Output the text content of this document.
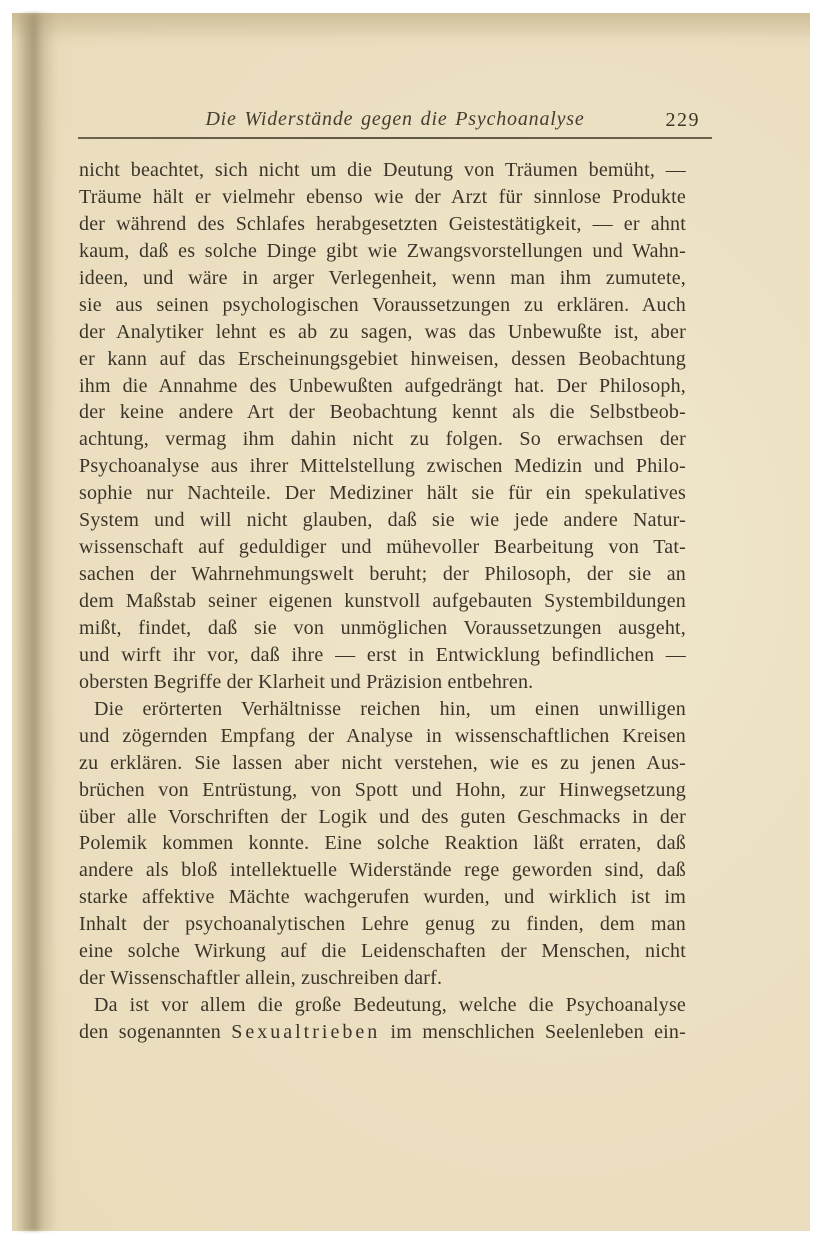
Die Widerstände gegen die Psychoanalyse	229
nicht beachtet, sich nicht um die Deutung von Träumen bemüht, —
Träume hält er vielmehr ebenso wie der Arzt für sinnlose Produkte
der während des Schlafes herabgesetzten Geistestätigkeit, — er ahnt
kaum, daß es solche Dinge gibt wie Zwangsvorstellungen und Wahn-
ideen, und wäre in arger Verlegenheit, wenn man ihm zumutete,
sie aus seinen psychologischen Voraussetzungen zu erklären. Auch
der Analytiker lehnt es ab zu sagen, was das Unbewußte ist, aber
er kann auf das Erscheinungsgebiet hinweisen, dessen Beobachtung
ihm die Annahme des Unbewußten aufgedrängt hat. Der Philosoph,
der keine andere Art der Beobachtung kennt als die Selbstbeob-
achtung, vermag ihm dahin nicht zu folgen. So erwachsen der
Psychoanalyse aus ihrer Mittelstellung zwischen Medizin und Philo-
sophie nur Nachteile. Der Mediziner hält sie für ein spekulatives
System und will nicht glauben, daß sie wie jede andere Natur-
wissenschaft auf geduldiger und mühevoller Bearbeitung von Tat-
sachen der Wahrnehmungswelt beruht; der Philosoph, der sie an
dem Maßstab seiner eigenen kunstvoll aufgebauten Systembildungen
mißt, findet, daß sie von unmöglichen Voraussetzungen ausgeht,
und wirft ihr vor, daß ihre — erst in Entwicklung befindlichen —
obersten Begriffe der Klarheit und Präzision entbehren.
Die erörterten Verhältnisse reichen hin, um einen unwilligen
und zögernden Empfang der Analyse in wissenschaftlichen Kreisen
zu erklären. Sie lassen aber nicht verstehen, wie es zu jenen Aus-
brüchen von Entrüstung, von Spott und Hohn, zur Hinwegsetzung
über alle Vorschriften der Logik und des guten Geschmacks in der
Polemik kommen konnte. Eine solche Reaktion läßt erraten, daß
andere als bloß intellektuelle Widerstände rege geworden sind, daß
starke affektive Mächte wachgerufen wurden, und wirklich ist im
Inhalt der psychoanalytischen Lehre genug zu finden, dem man
eine solche Wirkung auf die Leidenschaften der Menschen, nicht
der Wissenschaftler allein, zuschreiben darf.
Da ist vor allem die große Bedeutung, welche die Psychoanalyse
den sogenannten Sexualtrieben im menschlichen Seelenleben ein-
